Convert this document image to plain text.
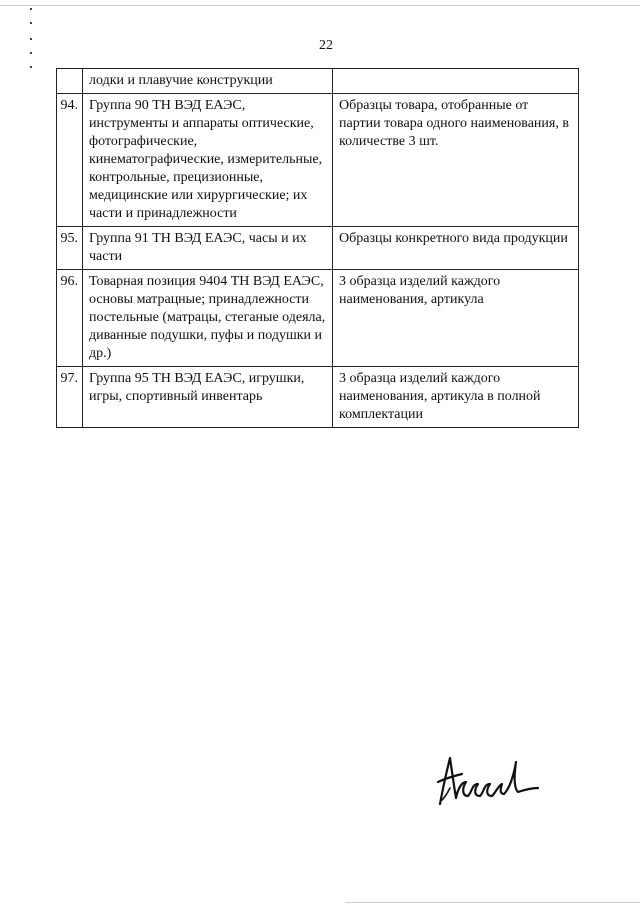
22
	лодки и плавучие конструкции	
94.	Группа 90 ТН ВЭД ЕАЭС, инструменты и аппараты оптические, фотографические, кинематографические, измерительные, контрольные, прецизионные, медицинские или хирургические; их части и принадлежности	Образцы товара, отобранные от партии товара одного наименования, в количестве 3 шт.
95.	Группа 91 ТН ВЭД ЕАЭС, часы и их части	Образцы конкретного вида продукции
96.	Товарная позиция 9404 ТН ВЭД ЕАЭС, основы матрацные; принадлежности постельные (матрацы, стеганые одеяла, диванные подушки, пуфы и подушки и др.)	3 образца изделий каждого наименования, артикула
97.	Группа 95 ТН ВЭД ЕАЭС, игрушки, игры, спортивный инвентарь	3 образца изделий каждого наименования, артикула в полной комплектации
